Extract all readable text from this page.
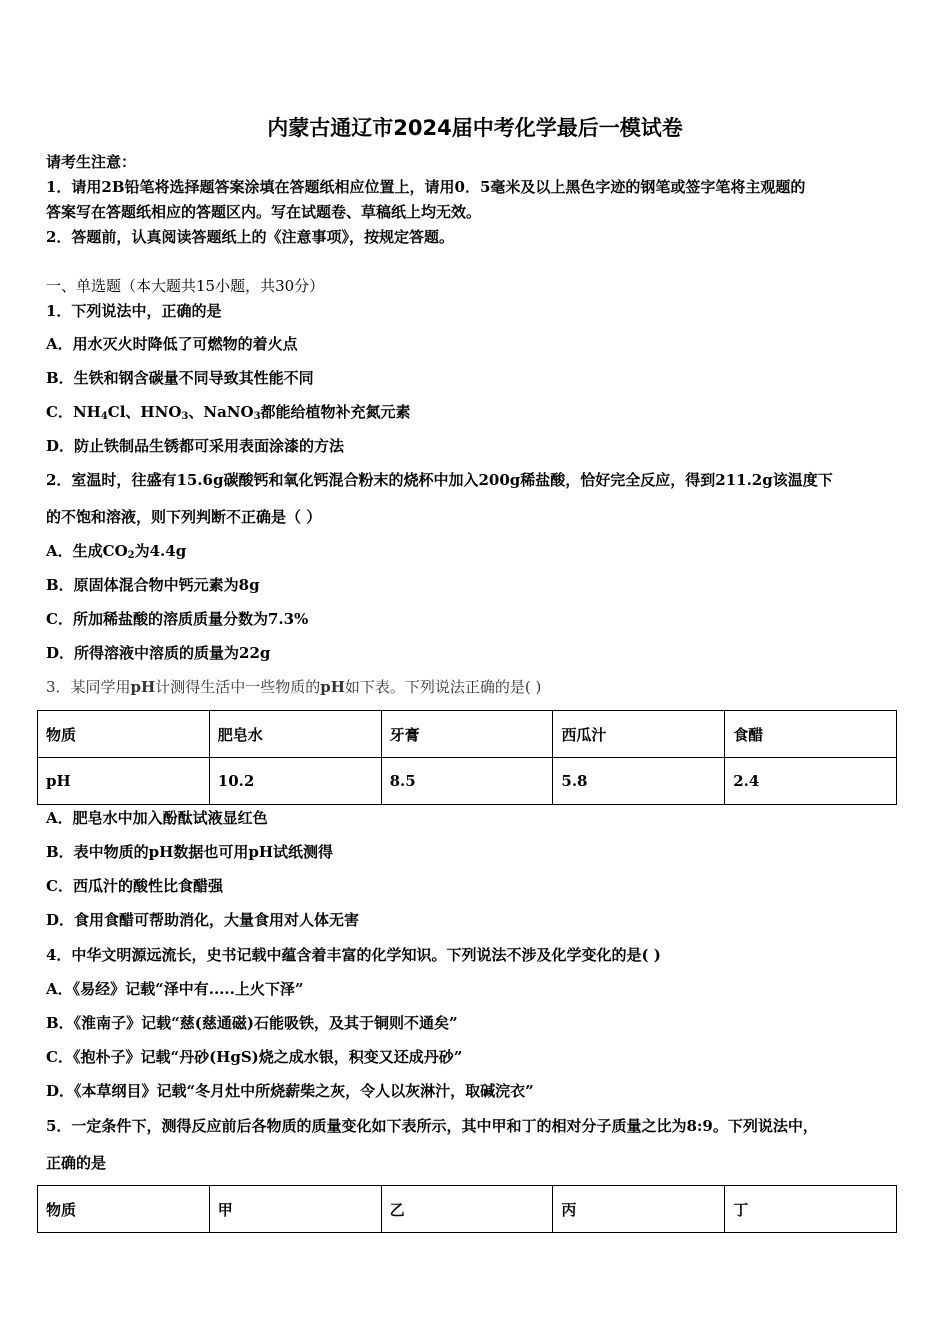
内蒙古通辽市2024届中考化学最后一模试卷
请考生注意：
1．请用2B铅笔将选择题答案涂填在答题纸相应位置上，请用0．5毫米及以上黑色字迹的钢笔或签字笔将主观题的
答案写在答题纸相应的答题区内。写在试题卷、草稿纸上均无效。
2．答题前，认真阅读答题纸上的《注意事项》，按规定答题。
一、单选题（本大题共15小题，共30分）
1．下列说法中，正确的是
A．用水灭火时降低了可燃物的着火点
B．生铁和钢含碳量不同导致其性能不同
C．$NH_4Cl$、$HNO_3$、NaNO$_3$都能给植物补充氮元素
D．防止铁制品生锈都可采用表面涂漆的方法
2．室温时，往盛有15.6g碳酸钙和氧化钙混合粉末的烧杯中加入200g稀盐酸，恰好完全反应，得到211.2g该温度下
的不饱和溶液，则下列判断不正确是（ ）
A．生成$CO_2$为4.4g
B．原固体混合物中钙元素为8g
C．所加稀盐酸的溶质质量分数为7.3%
D．所得溶液中溶质的质量为22g
3．某同学用pH计测得生活中一些物质的pH如下表。下列说法正确的是( )
物质	肥皂水	牙膏	西瓜汁	食醋
pH	10.2	8.5	5.8	2.4
A．肥皂水中加入酚酞试液显红色
B．表中物质的pH数据也可用pH试纸测得
C．西瓜汁的酸性比食醋强
D．食用食醋可帮助消化，大量食用对人体无害
4．中华文明源远流长，史书记载中蕴含着丰富的化学知识。下列说法不涉及化学变化的是( )
A．《易经》记载“泽中有.....上火下泽”
B．《淮南子》记载“慈(慈通磁)石能吸铁，及其于铜则不通矣”
C．《抱朴子》记载“丹砂(HgS)烧之成水银，积变又还成丹砂”
D．《本草纲目》记载“冬月灶中所烧薪柴之灰，令人以灰淋汁，取碱浣衣”
5．一定条件下，测得反应前后各物质的质量变化如下表所示，其中甲和丁的相对分子质量之比为8:9。下列说法中，
正确的是
物质	甲	乙	丙	丁
